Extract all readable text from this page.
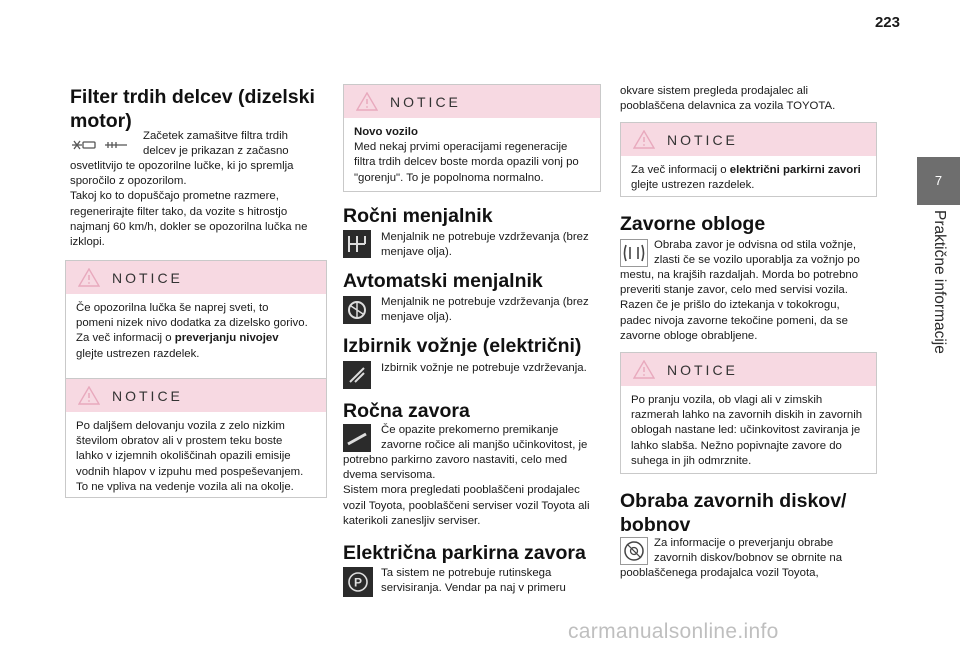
223
7
Praktične informacije
Filter trdih delcev (dizelski
motor)
Začetek zamašitve filtra trdih
delcev je prikazan z začasno
osvetlitvijo te opozorilne lučke, ki jo spremlja
sporočilo z opozorilom.
Takoj ko to dopuščajo prometne razmere,
regenerirajte filter tako, da vozite s hitrostjo
najmanj 60 km/h, dokler se opozorilna lučka ne
izklopi.
NOTICE
Če opozorilna lučka še naprej sveti, to
pomeni nizek nivo dodatka za dizelsko gorivo.
Za več informacij o preverjanju nivojev
glejte ustrezen razdelek.
NOTICE
Po daljšem delovanju vozila z zelo nizkim
številom obratov ali v prostem teku boste
lahko v izjemnih okoliščinah opazili emisije
vodnih hlapov v izpuhu med pospeševanjem.
To ne vpliva na vedenje vozila ali na okolje.
NOTICE
Novo vozilo
Med nekaj prvimi operacijami regeneracije
filtra trdih delcev boste morda opazili vonj po
"gorenju". To je popolnoma normalno.
Ročni menjalnik
Menjalnik ne potrebuje vzdrževanja (brez
menjave olja).
Avtomatski menjalnik
Menjalnik ne potrebuje vzdrževanja (brez
menjave olja).
Izbirnik vožnje (električni)
Izbirnik vožnje ne potrebuje vzdrževanja.
Ročna zavora
Če opazite prekomerno premikanje
zavorne ročice ali manjšo učinkovitost, je
potrebno parkirno zavoro nastaviti, celo med
dvema servisoma.
Sistem mora pregledati pooblaščeni prodajalec
vozil Toyota, pooblaščeni serviser vozil Toyota ali
katerikoli zanesljiv serviser.
Električna parkirna zavora
P
Ta sistem ne potrebuje rutinskega
servisiranja. Vendar pa naj v primeru
okvare sistem pregleda prodajalec ali
pooblaščena delavnica za vozila TOYOTA.
NOTICE
Za več informacij o električni parkirni zavori
glejte ustrezen razdelek.
Zavorne obloge
Obraba zavor je odvisna od stila vožnje,
zlasti če se vozilo uporablja za vožnjo po
mestu, na krajših razdaljah. Morda bo potrebno
preveriti stanje zavor, celo med servisi vozila.
Razen če je prišlo do iztekanja v tokokrogu,
padec nivoja zavorne tekočine pomeni, da se
zavorne obloge obrabljene.
NOTICE
Po pranju vozila, ob vlagi ali v zimskih
razmerah lahko na zavornih diskih in zavornih
oblogah nastane led: učinkovitost zaviranja je
lahko slabša. Nežno popivnajte zavore do
suhega in jih odmrznite.
Obraba zavornih diskov/
bobnov
Za informacije o preverjanju obrabe
zavornih diskov/bobnov se obrnite na
pooblaščenega prodajalca vozil Toyota,
carmanualsonline.info
